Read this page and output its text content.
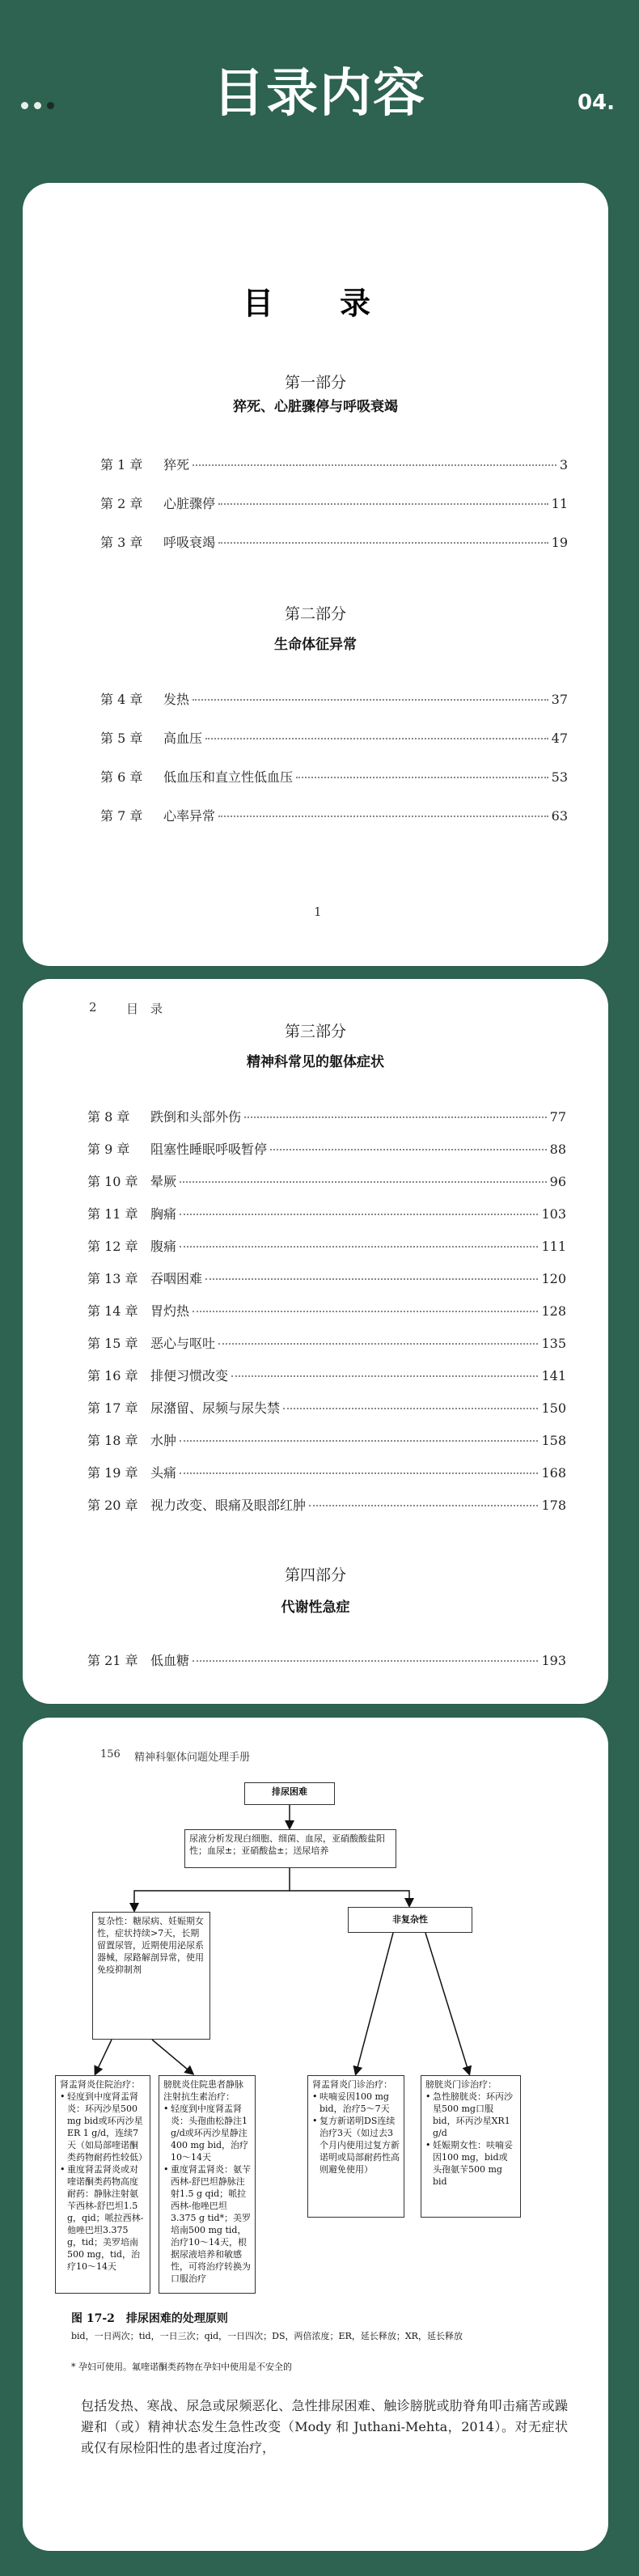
目录内容	04.
目　录
第一部分
猝死、心脏骤停与呼吸衰竭
第 1 章	猝死	3
第 2 章	心脏骤停	11
第 3 章	呼吸衰竭	19
第二部分
生命体征异常
第 4 章	发热	37
第 5 章	高血压	47
第 6 章	低血压和直立性低血压	53
第 7 章	心率异常	63
1
2 目　录
第三部分
精神科常见的躯体症状
第 8 章	跌倒和头部外伤	77
第 9 章	阻塞性睡眠呼吸暂停	88
第 10 章 晕厥	96
第 11 章 胸痛	103
第 12 章 腹痛	111
第 13 章 吞咽困难	120
第 14 章 胃灼热	128
第 15 章 恶心与呕吐	135
第 16 章 排便习惯改变	141
第 17 章 尿潴留、尿频与尿失禁	150
第 18 章 水肿	158
第 19 章 头痛	168
第 20 章 视力改变、眼痛及眼部红肿	178
第四部分
代谢性急症
第 21 章 低血糖	193
156 精神科躯体问题处理手册
排尿困难
尿液分析发现白细胞、细菌、血尿，亚硝酸酸盐阳性；血尿±；亚硝酸盐±；送尿培养
复杂性：糖尿病、妊娠期女性，症状持续>7天，长期留置尿管，近期使用泌尿系器械，尿路解剖异常，使用免疫抑制剂
非复杂性
肾盂肾炎住院治疗：
• 轻度到中度肾盂肾炎：环丙沙星500 mg bid或环丙沙星ER 1 g/d，连续7天（如局部喹诺酮类药物耐药性较低）
• 重度肾盂肾炎或对喹诺酮类药物高度耐药：静脉注射氨苄西林-舒巴坦1.5 g，qid；哌拉西林-他唑巴坦3.375 g，tid；美罗培南500 mg，tid，治疗10～14天
膀胱炎住院患者静脉注射抗生素治疗：
• 轻度到中度肾盂肾炎：头孢曲松静注1 g/d或环丙沙星静注400 mg bid，治疗10～14天
• 重度肾盂肾炎：氨苄西林-舒巴坦静脉注射1.5 g qid；哌拉西林-他唑巴坦3.375 g tid*；美罗培南500 mg tid，治疗10～14天，根据尿液培养和敏感性，可将治疗转换为口服治疗
肾盂肾炎门诊治疗：
• 呋喃妥因100 mg bid，治疗5～7天
• 复方新诺明DS连续治疗3天（如过去3个月内使用过复方新诺明或局部耐药性高则避免使用）
膀胱炎门诊治疗：
• 急性膀胱炎：环丙沙星500 mg口服bid，环丙沙星XR1 g/d
• 妊娠期女性：呋喃妥因100 mg，bid或头孢氨苄500 mg bid
图 17-2　排尿困难的处理原则
bid，一日两次；tid，一日三次；qid，一日四次；DS，两倍浓度；ER，延长释放；XR，延长释放
* 孕妇可使用。氟喹诺酮类药物在孕妇中使用是不安全的
包括发热、寒战、尿急或尿频恶化、急性排尿困难、触诊膀胱或肋脊角叩击痛苦或躁避和（或）精神状态发生急性改变（Mody 和 Juthani-Mehta，2014）。对无症状或仅有尿检阳性的患者过度治疗，
